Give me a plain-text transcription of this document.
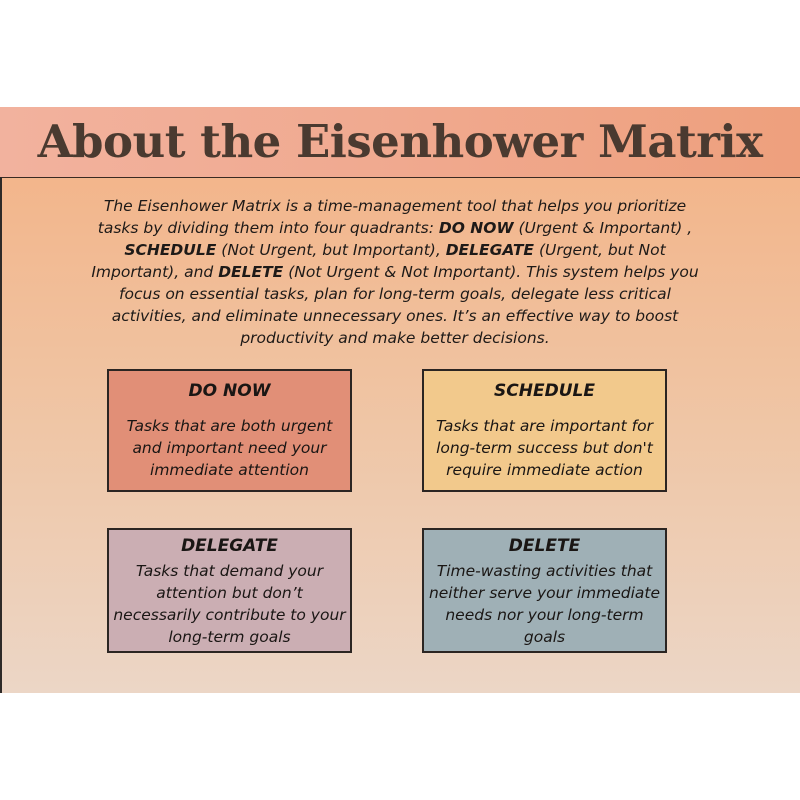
About the Eisenhower Matrix
The Eisenhower Matrix is a time-management tool that helps you prioritize tasks by dividing them into four quadrants: DO NOW (Urgent & Important) , SCHEDULE (Not Urgent, but Important), DELEGATE (Urgent, but Not Important), and DELETE (Not Urgent & Not Important). This system helps you focus on essential tasks, plan for long-term goals, delegate less critical activities, and eliminate unnecessary ones. It’s an effective way to boost productivity and make better decisions.
DO NOW
Tasks that are both urgent and important need your immediate attention
SCHEDULE
Tasks that are important for long-term success but don't require immediate action
DELEGATE
Tasks that demand your attention but don’t necessarily contribute to your long-term goals
DELETE
Time-wasting activities that neither serve your immediate needs nor your long-term goals
